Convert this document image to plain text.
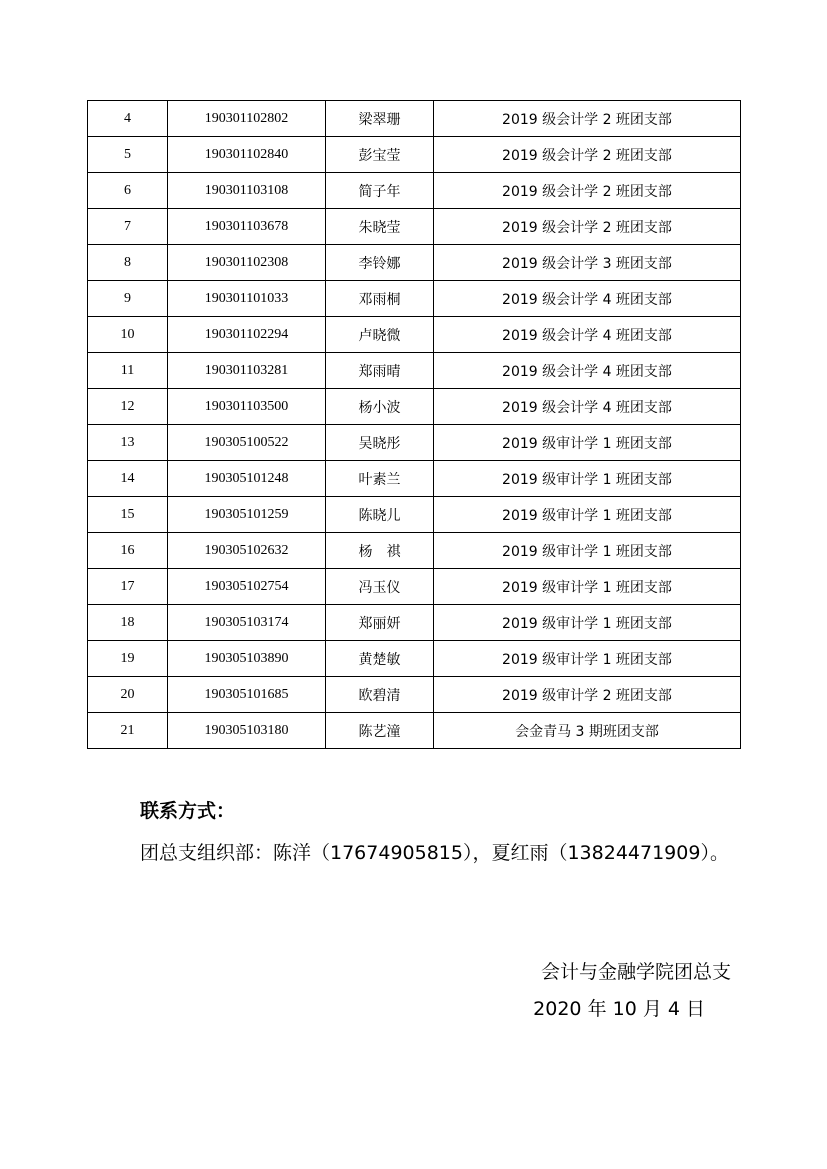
4	190301102802	梁翠珊	2019 级会计学 2 班团支部
5	190301102840	彭宝莹	2019 级会计学 2 班团支部
6	190301103108	简子年	2019 级会计学 2 班团支部
7	190301103678	朱晓莹	2019 级会计学 2 班团支部
8	190301102308	李铃娜	2019 级会计学 3 班团支部
9	190301101033	邓雨桐	2019 级会计学 4 班团支部
10	190301102294	卢晓微	2019 级会计学 4 班团支部
11	190301103281	郑雨晴	2019 级会计学 4 班团支部
12	190301103500	杨小波	2019 级会计学 4 班团支部
13	190305100522	吴晓彤	2019 级审计学 1 班团支部
14	190305101248	叶素兰	2019 级审计学 1 班团支部
15	190305101259	陈晓儿	2019 级审计学 1 班团支部
16	190305102632	杨　祺	2019 级审计学 1 班团支部
17	190305102754	冯玉仪	2019 级审计学 1 班团支部
18	190305103174	郑丽妍	2019 级审计学 1 班团支部
19	190305103890	黄楚敏	2019 级审计学 1 班团支部
20	190305101685	欧碧清	2019 级审计学 2 班团支部
21	190305103180	陈艺潼	会金青马 3 期班团支部
联系方式：
团总支组织部：陈洋（17674905815），夏红雨（13824471909）。
会计与金融学院团总支
2020 年 10 月 4 日
